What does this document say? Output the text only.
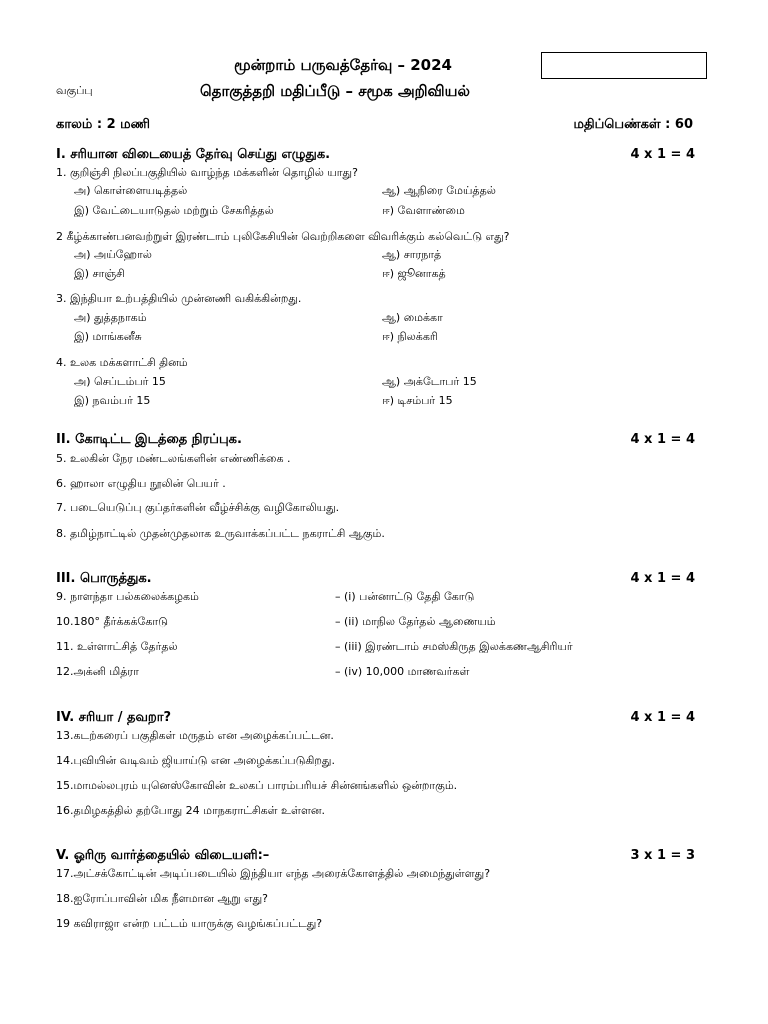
மூன்றாம் பருவத்தேர்வு – 2024
வகுப்பு	தொகுத்தறி மதிப்பீடு – சமூக அறிவியல்
காலம் : 2 மணி	மதிப்பெண்கள் : 60
I. சரியான விடையைத் தேர்வு செய்து எழுதுக.	4 x 1 = 4
1. குறிஞ்சி நிலப்பகுதியில் வாழ்ந்த மக்களின் தொழில் யாது?
அ) கொள்ளையடித்தல்	ஆ) ஆநிரை மேய்த்தல்
இ) வேட்டையாடுதல் மற்றும் சேகரித்தல்	ஈ) வேளாண்மை
2 கீழ்க்காண்பனவற்றுள் இரண்டாம் புலிகேசியின் வெற்றிகளை விவரிக்கும் கல்வெட்டு எது?
அ) அய்ஹோல்	ஆ) சாரநாத்
இ) சாஞ்சி	ஈ) ஜூனாகத்
3. இந்தியா உற்பத்தியில் முன்னணி வகிக்கின்றது.
அ) துத்தநாகம்	ஆ) மைக்கா
இ) மாங்கனீசு	ஈ) நிலக்கரி
4. உலக மக்களாட்சி தினம்
அ) செப்டம்பர் 15	ஆ) அக்டோபர் 15
இ) நவம்பர் 15	ஈ) டிசம்பர் 15
II. கோடிட்ட இடத்தை நிரப்புக.	4 x 1 = 4
5. உலகின் நேர மண்டலங்களின் எண்ணிக்கை .
6. ஹாலா எழுதிய நூலின் பெயர் .
7. படையெடுப்பு குப்தர்களின் வீழ்ச்சிக்கு வழிகோலியது.
8. தமிழ்நாட்டில் முதன்முதலாக உருவாக்கப்பட்ட நகராட்சி ஆகும்.
III. பொருத்துக.	4 x 1 = 4
9. நாளந்தா பல்கலைக்கழகம்	– (i) பன்னாட்டு தேதி கோடு
10.180° தீர்க்கக்கோடு	– (ii) மாநில தேர்தல் ஆணையம்
11. உள்ளாட்சித் தேர்தல்	– (iii) இரண்டாம் சமஸ்கிருத இலக்கணஆசிரியர்
12.அக்னி மித்ரா	– (iv) 10,000 மாணவர்கள்
IV. சரியா / தவறா?	4 x 1 = 4
13.கடற்கரைப் பகுதிகள் மருதம் என அழைக்கப்பட்டன.
14.புவியின் வடிவம் ஜியாய்டு என அழைக்கப்படுகிறது.
15.மாமல்லபுரம் யுனெஸ்கோவின் உலகப் பாரம்பரியச் சின்னங்களில் ஒன்றாகும்.
16.தமிழகத்தில் தற்போது 24 மாநகராட்சிகள் உள்ளன.
V. ஓரிரு வார்த்தையில் விடையளி:–	3 x 1 = 3
17.அட்சக்கோட்டின் அடிப்படையில் இந்தியா எந்த அரைக்கோளத்தில் அமைந்துள்ளது?
18.ஐரோப்பாவின் மிக நீளமான ஆறு எது?
19 கவிராஜா என்ற பட்டம் யாருக்கு வழங்கப்பட்டது?
